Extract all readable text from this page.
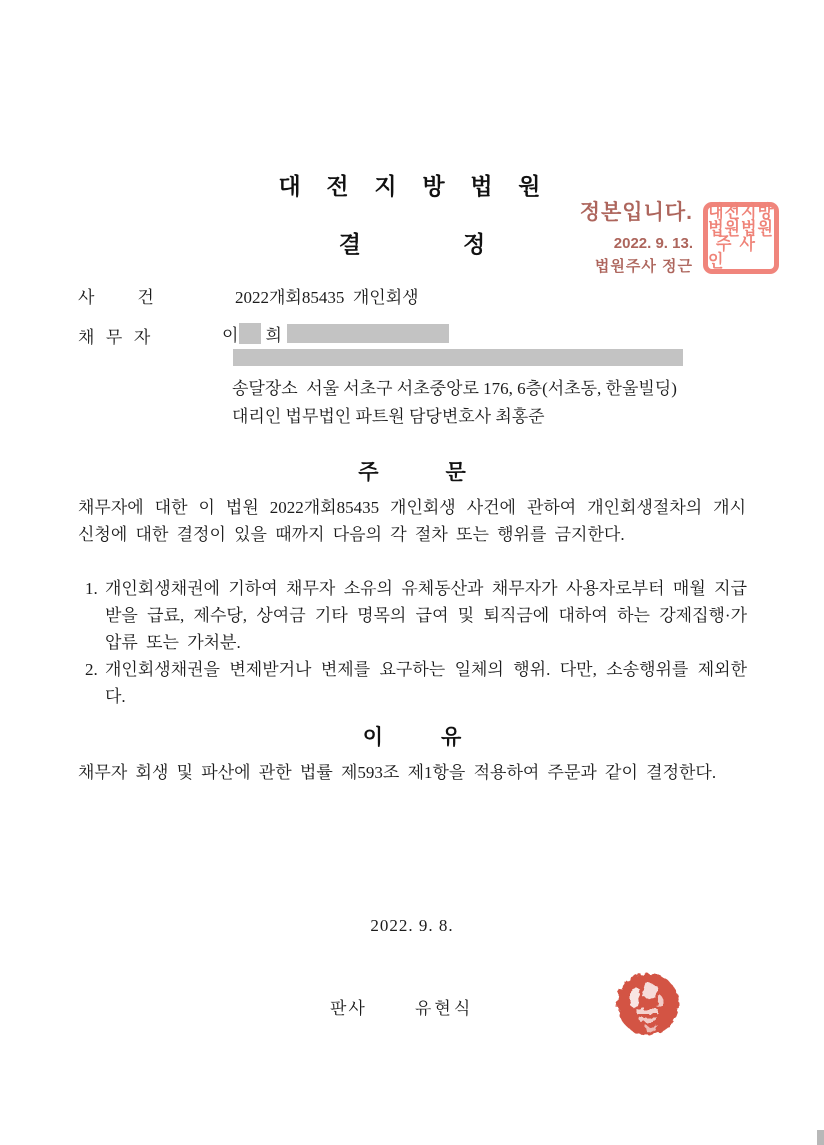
대 전 지 방 법 원
결	정
정본입니다.
2022. 9. 13.
법원주사 정근
대전지방
법원법원
주사인
사        건	2022개회85435  개인회생
채  무  자	이 희
송달장소  서울 서초구 서초중앙로 176, 6층(서초동, 한울빌딩)
대리인 법무법인 파트원 담당변호사 최홍준
주	문
채무자에 대한 이 법원 2022개회85435 개인회생 사건에 관하여 개인회생절차의 개시 신청에 대한 결정이 있을 때까지 다음의 각 절차 또는 행위를 금지한다.
1. 개인회생채권에 기하여 채무자 소유의 유체동산과 채무자가 사용자로부터 매월 지급받을 급료, 제수당, 상여금 기타 명목의 급여 및 퇴직금에 대하여 하는 강제집행·가압류 또는 가처분.
2. 개인회생채권을 변제받거나 변제를 요구하는 일체의 행위. 다만, 소송행위를 제외한다.
이	유
채무자 회생 및 파산에 관한 법률 제593조 제1항을 적용하여 주문과 같이 결정한다.
2022. 9. 8.
판사	유현식
